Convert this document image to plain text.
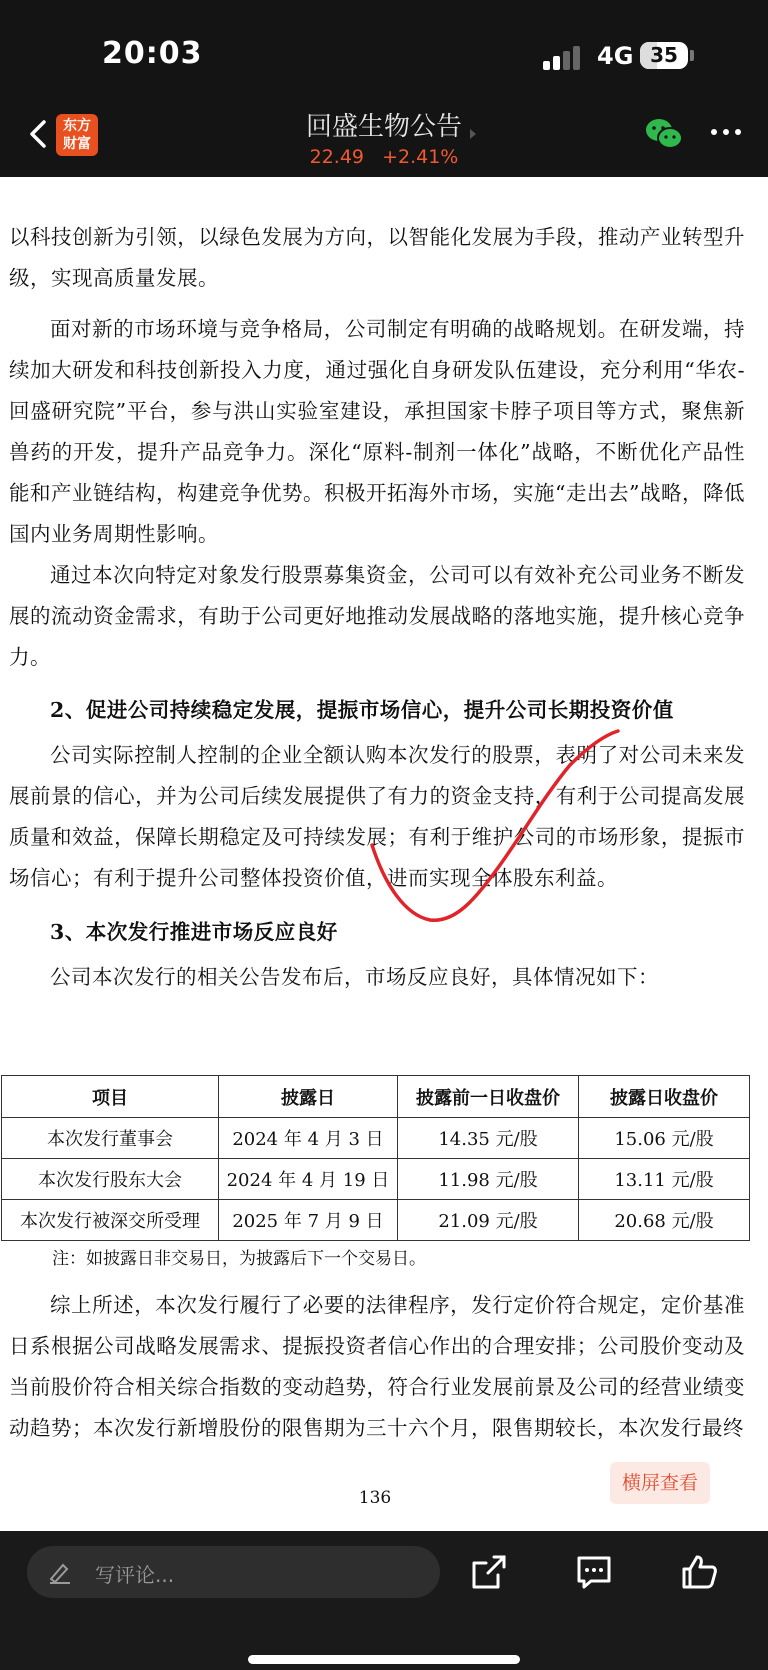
20:03	4G 35
东方
财富
回盛生物公告
22.49 +2.41%

以科技创新为引领，以绿色发展为方向，以智能化发展为手段，推动产业转型升级，实现高质量发展。

面对新的市场环境与竞争格局，公司制定有明确的战略规划。在研发端，持续加大研发和科技创新投入力度，通过强化自身研发队伍建设，充分利用“华农-回盛研究院”平台，参与洪山实验室建设，承担国家卡脖子项目等方式，聚焦新兽药的开发，提升产品竞争力。深化“原料-制剂一体化”战略，不断优化产品性能和产业链结构，构建竞争优势。积极开拓海外市场，实施“走出去”战略，降低国内业务周期性影响。

通过本次向特定对象发行股票募集资金，公司可以有效补充公司业务不断发展的流动资金需求，有助于公司更好地推动发展战略的落地实施，提升核心竞争力。

2、促进公司持续稳定发展，提振市场信心，提升公司长期投资价值

公司实际控制人控制的企业全额认购本次发行的股票，表明了对公司未来发展前景的信心，并为公司后续发展提供了有力的资金支持，有利于公司提高发展质量和效益，保障长期稳定及可持续发展；有利于维护公司的市场形象，提振市场信心；有利于提升公司整体投资价值，进而实现全体股东利益。

3、本次发行推进市场反应良好

公司本次发行的相关公告发布后，市场反应良好，具体情况如下：

项目	披露日	披露前一日收盘价	披露日收盘价
本次发行董事会	2024 年 4 月 3 日	14.35 元/股	15.06 元/股
本次发行股东大会	2024 年 4 月 19 日	11.98 元/股	13.11 元/股
本次发行被深交所受理	2025 年 7 月 9 日	21.09 元/股	20.68 元/股

注：如披露日非交易日，为披露后下一个交易日。

综上所述，本次发行履行了必要的法律程序，发行定价符合规定，定价基准日系根据公司战略发展需求、提振投资者信心作出的合理安排；公司股价变动及当前股价符合相关综合指数的变动趋势，符合行业发展前景及公司的经营业绩变动趋势；本次发行新增股份的限售期为三十六个月，限售期较长，本次发行最终

136
横屏查看
写评论...
